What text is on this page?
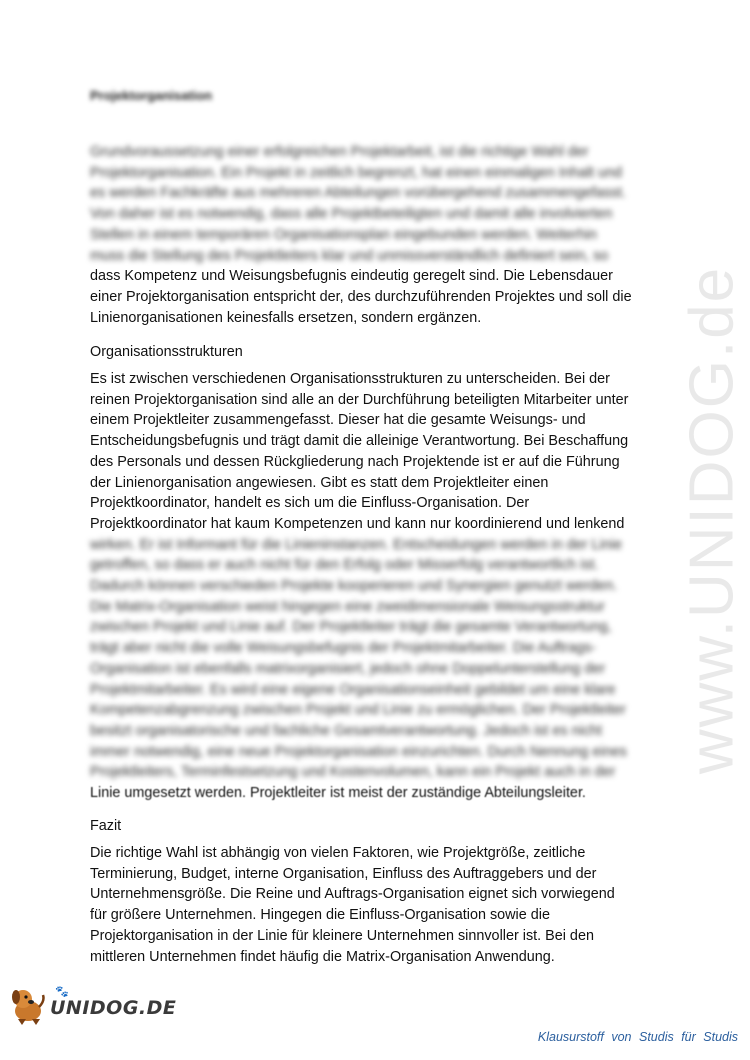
www.UNIDOG.de
Projektorganisation
Grundvoraussetzung einer erfolgreichen Projektarbeit, ist die richtige Wahl der
Projektorganisation. Ein Projekt in zeitlich begrenzt, hat einen einmaligen Inhalt und
es werden Fachkräfte aus mehreren Abteilungen vorübergehend zusammengefasst.
Von daher ist es notwendig, dass alle Projektbeteiligten und damit alle involvierten
Stellen in einem temporären Organisationsplan eingebunden werden. Weiterhin
muss die Stellung des Projektleiters klar und unmissverständlich definiert sein, so
dass Kompetenz und Weisungsbefugnis eindeutig geregelt sind. Die Lebensdauer
einer Projektorganisation entspricht der, des durchzuführenden Projektes und soll die
Linienorganisationen keinesfalls ersetzen, sondern ergänzen.
Organisationsstrukturen
Es ist zwischen verschiedenen Organisationsstrukturen zu unterscheiden. Bei der
reinen Projektorganisation sind alle an der Durchführung beteiligten Mitarbeiter unter
einem Projektleiter zusammengefasst. Dieser hat die gesamte Weisungs- und
Entscheidungsbefugnis und trägt damit die alleinige Verantwortung. Bei Beschaffung
des Personals und dessen Rückgliederung nach Projektende ist er auf die Führung
der Linienorganisation angewiesen. Gibt es statt dem Projektleiter einen
Projektkoordinator, handelt es sich um die Einfluss-Organisation. Der
Projektkoordinator hat kaum Kompetenzen und kann nur koordinierend und lenkend
wirken. Er ist Informant für die Linieninstanzen. Entscheidungen werden in der Linie
getroffen, so dass er auch nicht für den Erfolg oder Misserfolg verantwortlich ist.
Dadurch können verschieden Projekte kooperieren und Synergien genutzt werden.
Die Matrix-Organisation weist hingegen eine zweidimensionale Weisungsstruktur
zwischen Projekt und Linie auf. Der Projektleiter trägt die gesamte Verantwortung,
trägt aber nicht die volle Weisungsbefugnis der Projektmitarbeiter. Die Auftrags-
Organisation ist ebenfalls matrixorganisiert, jedoch ohne Doppelunterstellung der
Projektmitarbeiter. Es wird eine eigene Organisationseinheit gebildet um eine klare
Kompetenzabgrenzung zwischen Projekt und Linie zu ermöglichen. Der Projektleiter
besitzt organisatorische und fachliche Gesamtverantwortung. Jedoch ist es nicht
immer notwendig, eine neue Projektorganisation einzurichten. Durch Nennung eines
Projektleiters, Terminfestsetzung und Kostenvolumen, kann ein Projekt auch in der
Linie umgesetzt werden. Projektleiter ist meist der zuständige Abteilungsleiter.
Fazit
Die richtige Wahl ist abhängig von vielen Faktoren, wie Projektgröße, zeitliche
Terminierung, Budget, interne Organisation, Einfluss des Auftraggebers und der
Unternehmensgröße. Die Reine und Auftrags-Organisation eignet sich vorwiegend
für größere Unternehmen. Hingegen die Einfluss-Organisation sowie die
Projektorganisation in der Linie für kleinere Unternehmen sinnvoller ist. Bei den
mittleren Unternehmen findet häufig die Matrix-Organisation Anwendung.
🐾
UNIDOG.DE
Klausurstoff von Studis für Studis
